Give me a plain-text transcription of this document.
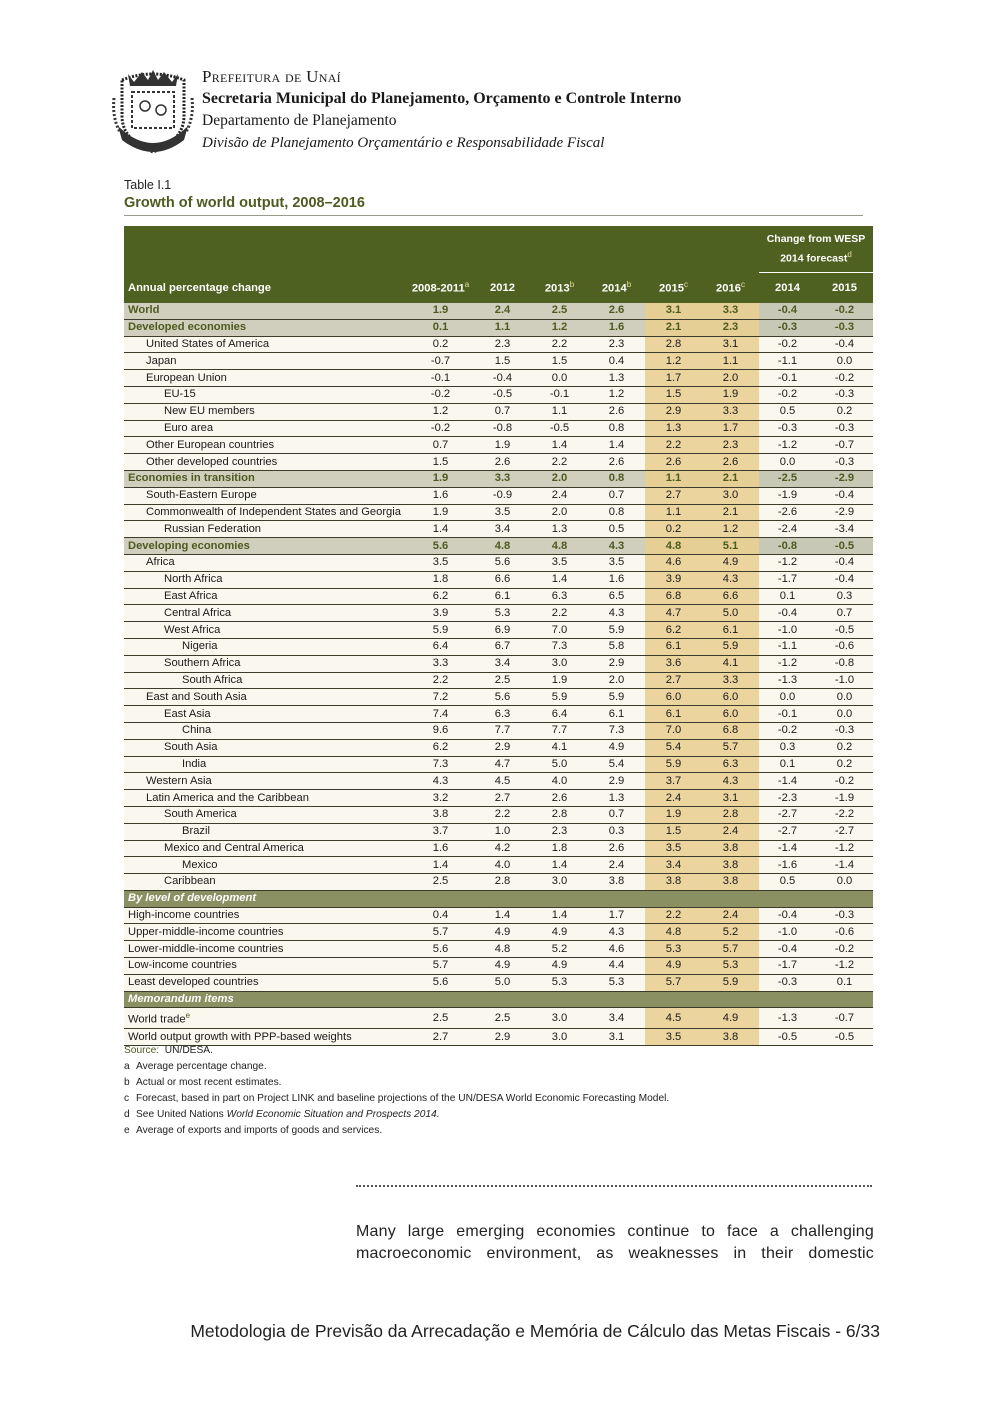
Prefeitura de Unaí
Secretaria Municipal do Planejamento, Orçamento e Controle Interno
Departamento de Planejamento
Divisão de Planejamento Orçamentário e Responsabilidade Fiscal
Table I.1
Growth of world output, 2008–2016

							Change from WESP
2014 forecast$^d$

Annual percentage change	2008-2011$^a$	2012	2013$^b$	2014$^b$	2015$^c$	2016$^c$	2014	2015
World	1.9	2.4	2.5	2.6	3.1	3.3	-0.4	-0.2
Developed economies	0.1	1.1	1.2	1.6	2.1	2.3	-0.3	-0.3
United States of America	0.2	2.3	2.2	2.3	2.8	3.1	-0.2	-0.4
Japan	-0.7	1.5	1.5	0.4	1.2	1.1	-1.1	0.0
European Union	-0.1	-0.4	0.0	1.3	1.7	2.0	-0.1	-0.2
EU-15	-0.2	-0.5	-0.1	1.2	1.5	1.9	-0.2	-0.3
New EU members	1.2	0.7	1.1	2.6	2.9	3.3	0.5	0.2
Euro area	-0.2	-0.8	-0.5	0.8	1.3	1.7	-0.3	-0.3
Other European countries	0.7	1.9	1.4	1.4	2.2	2.3	-1.2	-0.7
Other developed countries	1.5	2.6	2.2	2.6	2.6	2.6	0.0	-0.3
Economies in transition	1.9	3.3	2.0	0.8	1.1	2.1	-2.5	-2.9
South-Eastern Europe	1.6	-0.9	2.4	0.7	2.7	3.0	-1.9	-0.4
Commonwealth of Independent States and Georgia	1.9	3.5	2.0	0.8	1.1	2.1	-2.6	-2.9
Russian Federation	1.4	3.4	1.3	0.5	0.2	1.2	-2.4	-3.4
Developing economies	5.6	4.8	4.8	4.3	4.8	5.1	-0.8	-0.5
Africa	3.5	5.6	3.5	3.5	4.6	4.9	-1.2	-0.4
North Africa	1.8	6.6	1.4	1.6	3.9	4.3	-1.7	-0.4
East Africa	6.2	6.1	6.3	6.5	6.8	6.6	0.1	0.3
Central Africa	3.9	5.3	2.2	4.3	4.7	5.0	-0.4	0.7
West Africa	5.9	6.9	7.0	5.9	6.2	6.1	-1.0	-0.5
Nigeria	6.4	6.7	7.3	5.8	6.1	5.9	-1.1	-0.6
Southern Africa	3.3	3.4	3.0	2.9	3.6	4.1	-1.2	-0.8
South Africa	2.2	2.5	1.9	2.0	2.7	3.3	-1.3	-1.0
East and South Asia	7.2	5.6	5.9	5.9	6.0	6.0	0.0	0.0
East Asia	7.4	6.3	6.4	6.1	6.1	6.0	-0.1	0.0
China	9.6	7.7	7.7	7.3	7.0	6.8	-0.2	-0.3
South Asia	6.2	2.9	4.1	4.9	5.4	5.7	0.3	0.2
India	7.3	4.7	5.0	5.4	5.9	6.3	0.1	0.2
Western Asia	4.3	4.5	4.0	2.9	3.7	4.3	-1.4	-0.2
Latin America and the Caribbean	3.2	2.7	2.6	1.3	2.4	3.1	-2.3	-1.9
South America	3.8	2.2	2.8	0.7	1.9	2.8	-2.7	-2.2
Brazil	3.7	1.0	2.3	0.3	1.5	2.4	-2.7	-2.7
Mexico and Central America	1.6	4.2	1.8	2.6	3.5	3.8	-1.4	-1.2
Mexico	1.4	4.0	1.4	2.4	3.4	3.8	-1.6	-1.4
Caribbean	2.5	2.8	3.0	3.8	3.8	3.8	0.5	0.0
By level of development								
High-income countries	0.4	1.4	1.4	1.7	2.2	2.4	-0.4	-0.3
Upper-middle-income countries	5.7	4.9	4.9	4.3	4.8	5.2	-1.0	-0.6
Lower-middle-income countries	5.6	4.8	5.2	4.6	5.3	5.7	-0.4	-0.2
Low-income countries	5.7	4.9	4.9	4.4	4.9	5.3	-1.7	-1.2
Least developed countries	5.6	5.0	5.3	5.3	5.7	5.9	-0.3	0.1
Memorandum items								
World trade$^e$	2.5	2.5	3.0	3.4	4.5	4.9	-1.3	-0.7
World output growth with PPP-based weights	2.7	2.9	3.0	3.1	3.5	3.8	-0.5	-0.5
Source: UN/DESA.
a Average percentage change.
b Actual or most recent estimates.
c Forecast, based in part on Project LINK and baseline projections of the UN/DESA World Economic Forecasting Model.
d See United Nations World Economic Situation and Prospects 2014.
e Average of exports and imports of goods and services.
Many large emerging economies continue to face a challenging macroeconomic environment, as weaknesses in their domestic
Metodologia de Previsão da Arrecadação e Memória de Cálculo das Metas Fiscais - 6/33
